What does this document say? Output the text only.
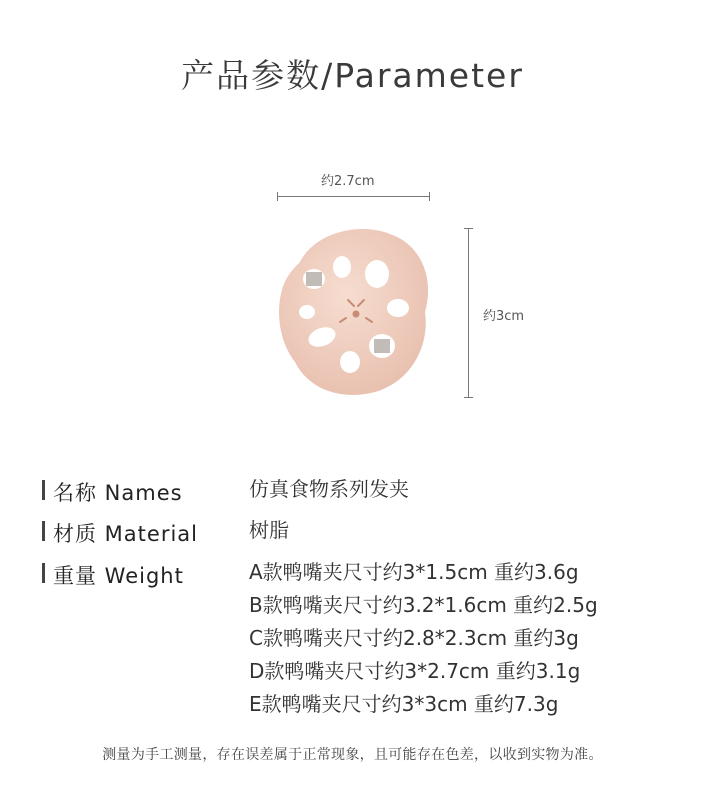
产品参数/Parameter
约2.7cm
约3cm
名称 Names	仿真食物系列发夹
材质 Material	树脂
重量 Weight	A款鸭嘴夹尺寸约3*1.5cm 重约3.6g
B款鸭嘴夹尺寸约3.2*1.6cm 重约2.5g
C款鸭嘴夹尺寸约2.8*2.3cm 重约3g
D款鸭嘴夹尺寸约3*2.7cm 重约3.1g
E款鸭嘴夹尺寸约3*3cm 重约7.3g
测量为手工测量，存在误差属于正常现象，且可能存在色差，以收到实物为准。
